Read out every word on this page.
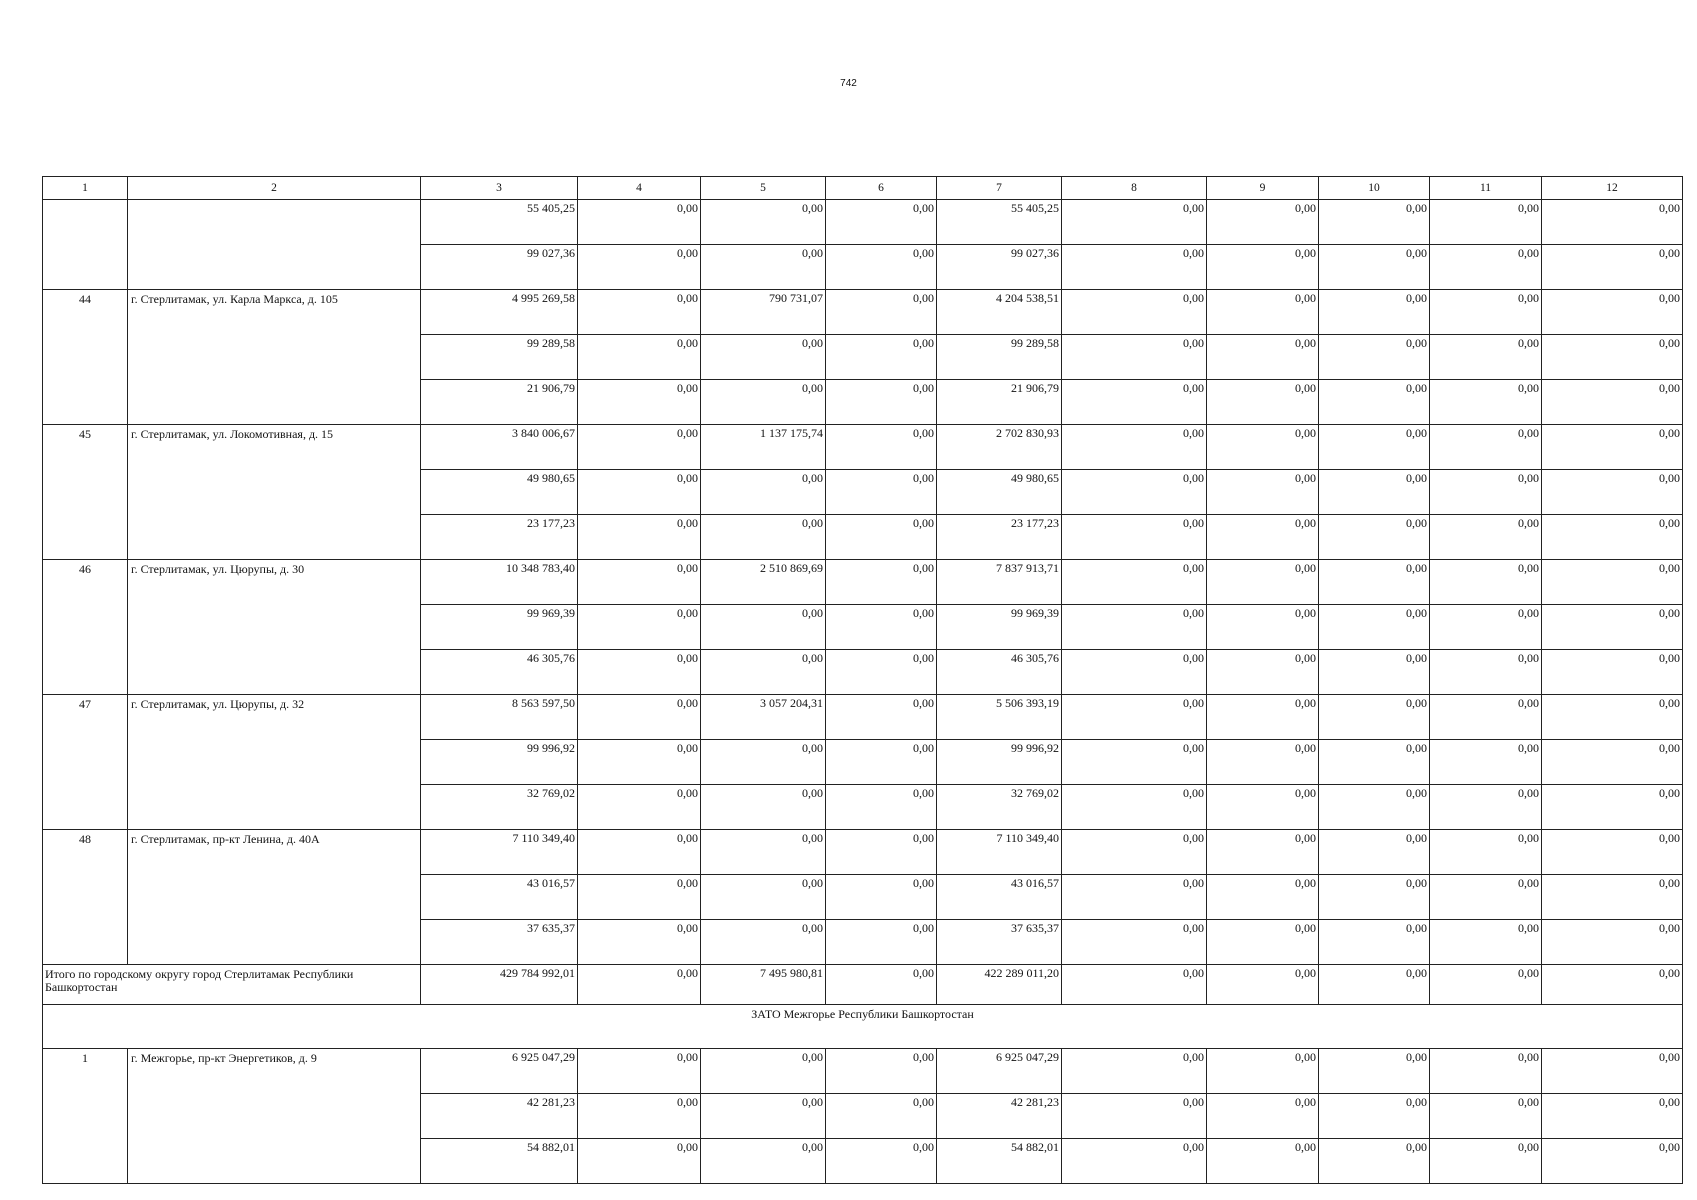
742
1	2	3	4	5	6	7	8	9	10	11	12
		55 405,25	0,00	0,00	0,00	55 405,25	0,00	0,00	0,00	0,00	0,00
		99 027,36	0,00	0,00	0,00	99 027,36	0,00	0,00	0,00	0,00	0,00
44	г. Стерлитамак, ул. Карла Маркса, д. 105	4 995 269,58	0,00	790 731,07	0,00	4 204 538,51	0,00	0,00	0,00	0,00	0,00
		99 289,58	0,00	0,00	0,00	99 289,58	0,00	0,00	0,00	0,00	0,00
		21 906,79	0,00	0,00	0,00	21 906,79	0,00	0,00	0,00	0,00	0,00
45	г. Стерлитамак, ул. Локомотивная, д. 15	3 840 006,67	0,00	1 137 175,74	0,00	2 702 830,93	0,00	0,00	0,00	0,00	0,00
		49 980,65	0,00	0,00	0,00	49 980,65	0,00	0,00	0,00	0,00	0,00
		23 177,23	0,00	0,00	0,00	23 177,23	0,00	0,00	0,00	0,00	0,00
46	г. Стерлитамак, ул. Цюрупы, д. 30	10 348 783,40	0,00	2 510 869,69	0,00	7 837 913,71	0,00	0,00	0,00	0,00	0,00
		99 969,39	0,00	0,00	0,00	99 969,39	0,00	0,00	0,00	0,00	0,00
		46 305,76	0,00	0,00	0,00	46 305,76	0,00	0,00	0,00	0,00	0,00
47	г. Стерлитамак, ул. Цюрупы, д. 32	8 563 597,50	0,00	3 057 204,31	0,00	5 506 393,19	0,00	0,00	0,00	0,00	0,00
		99 996,92	0,00	0,00	0,00	99 996,92	0,00	0,00	0,00	0,00	0,00
		32 769,02	0,00	0,00	0,00	32 769,02	0,00	0,00	0,00	0,00	0,00
48	г. Стерлитамак, пр-кт Ленина, д. 40А	7 110 349,40	0,00	0,00	0,00	7 110 349,40	0,00	0,00	0,00	0,00	0,00
		43 016,57	0,00	0,00	0,00	43 016,57	0,00	0,00	0,00	0,00	0,00
		37 635,37	0,00	0,00	0,00	37 635,37	0,00	0,00	0,00	0,00	0,00
Итого по городскому округу город Стерлитамак Республики Башкортостан		429 784 992,01	0,00	7 495 980,81	0,00	422 289 011,20	0,00	0,00	0,00	0,00	0,00
ЗАТО Межгорье Республики Башкортостан											
1	г. Межгорье, пр-кт Энергетиков, д. 9	6 925 047,29	0,00	0,00	0,00	6 925 047,29	0,00	0,00	0,00	0,00	0,00
		42 281,23	0,00	0,00	0,00	42 281,23	0,00	0,00	0,00	0,00	0,00
		54 882,01	0,00	0,00	0,00	54 882,01	0,00	0,00	0,00	0,00	0,00
